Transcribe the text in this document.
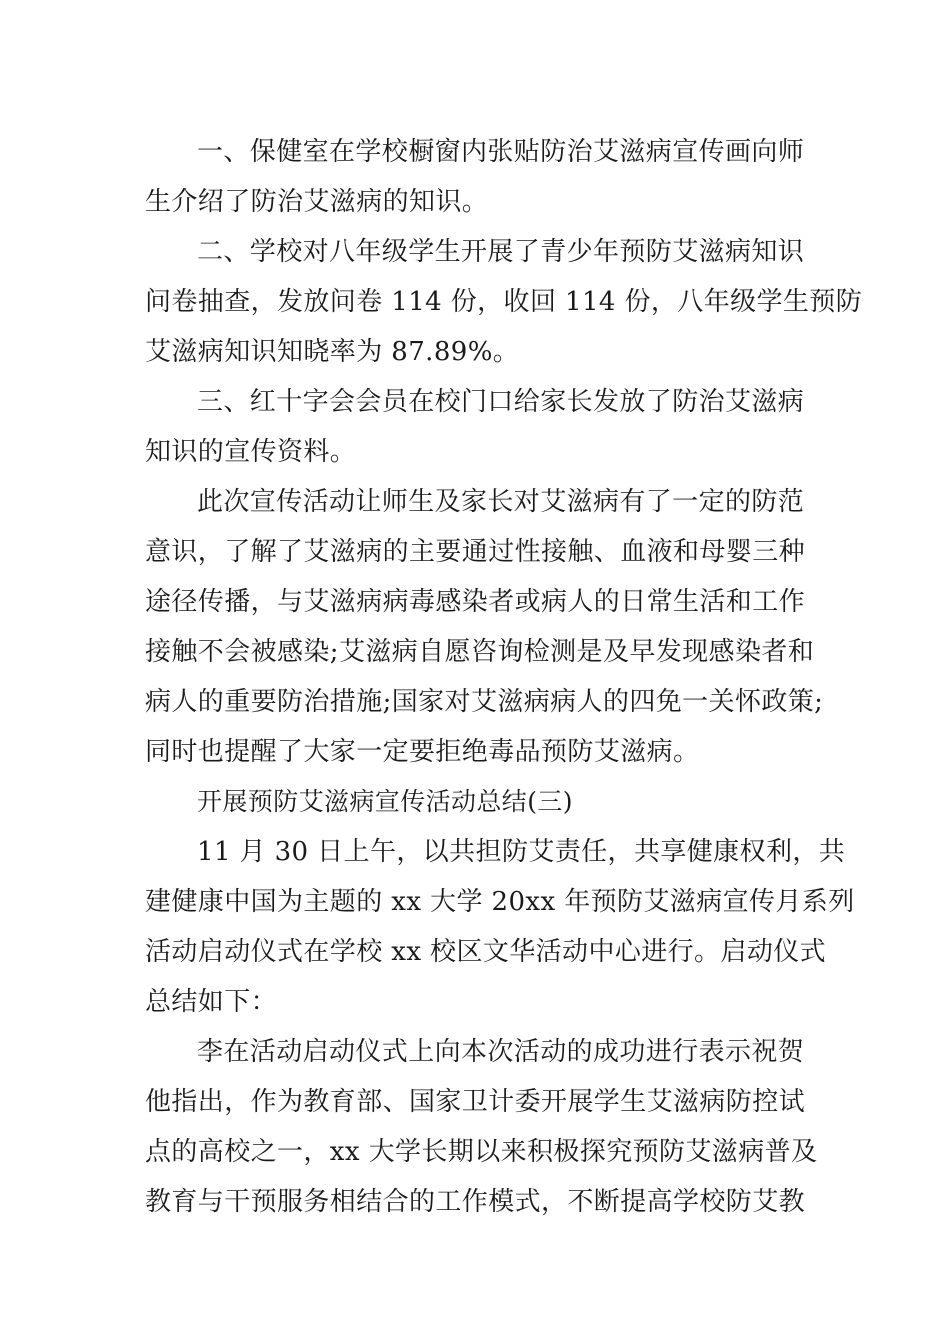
一、保健室在学校橱窗内张贴防治艾滋病宣传画向师
生介绍了防治艾滋病的知识。
二、学校对八年级学生开展了青少年预防艾滋病知识
问卷抽查，发放问卷 114 份，收回 114 份，八年级学生预防
艾滋病知识知晓率为 87.89%。
三、红十字会会员在校门口给家长发放了防治艾滋病
知识的宣传资料。
此次宣传活动让师生及家长对艾滋病有了一定的防范
意识，了解了艾滋病的主要通过性接触、血液和母婴三种
途径传播，与艾滋病病毒感染者或病人的日常生活和工作
接触不会被感染;艾滋病自愿咨询检测是及早发现感染者和
病人的重要防治措施;国家对艾滋病病人的四免一关怀政策;
同时也提醒了大家一定要拒绝毒品预防艾滋病。
开展预防艾滋病宣传活动总结(三)
11 月 30 日上午，以共担防艾责任，共享健康权利，共
建健康中国为主题的 xx 大学 20xx 年预防艾滋病宣传月系列
活动启动仪式在学校 xx 校区文华活动中心进行。启动仪式
总结如下：
李在活动启动仪式上向本次活动的成功进行表示祝贺
他指出，作为教育部、国家卫计委开展学生艾滋病防控试
点的高校之一，xx 大学长期以来积极探究预防艾滋病普及
教育与干预服务相结合的工作模式，不断提高学校防艾教
